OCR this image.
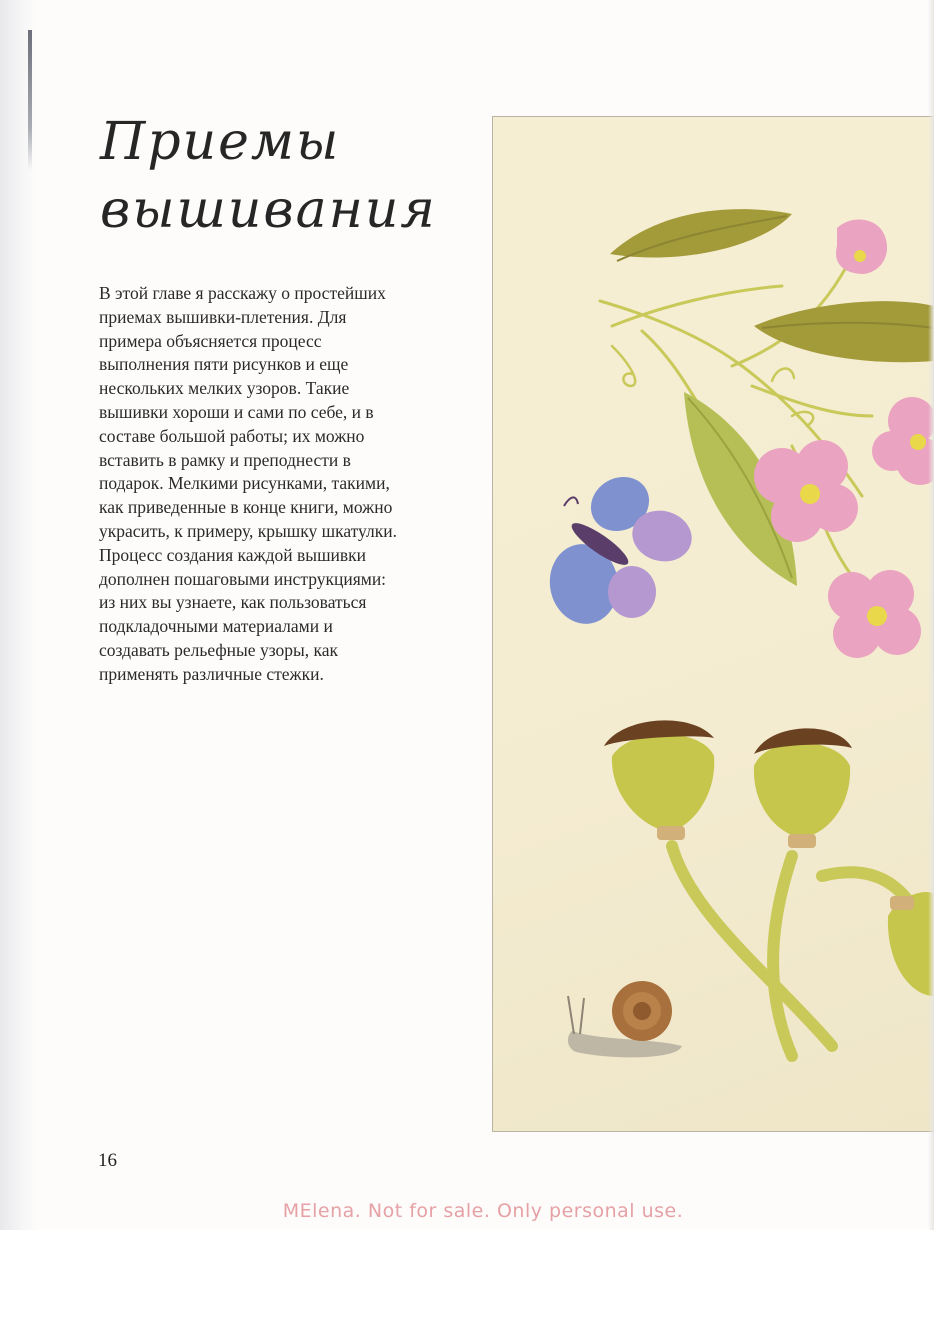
Приемы
вышивания

В этой главе я расскажу о простейших
приемах вышивки-плетения. Для
примера объясняется процесс
выполнения пяти рисунков и еще
нескольких мелких узоров. Такие
вышивки хороши и сами по себе, и в
составе большой работы; их можно
вставить в рамку и преподнести в
подарок. Мелкими рисунками, такими,
как приведенные в конце книги, можно
украсить, к примеру, крышку шкатулки.
Процесс создания каждой вышивки
дополнен пошаговыми инструкциями:
из них вы узнаете, как пользоваться
подкладочными материалами и
создавать рельефные узоры, как
применять различные стежки.

16
MElena. Not for sale. Only personal use.
